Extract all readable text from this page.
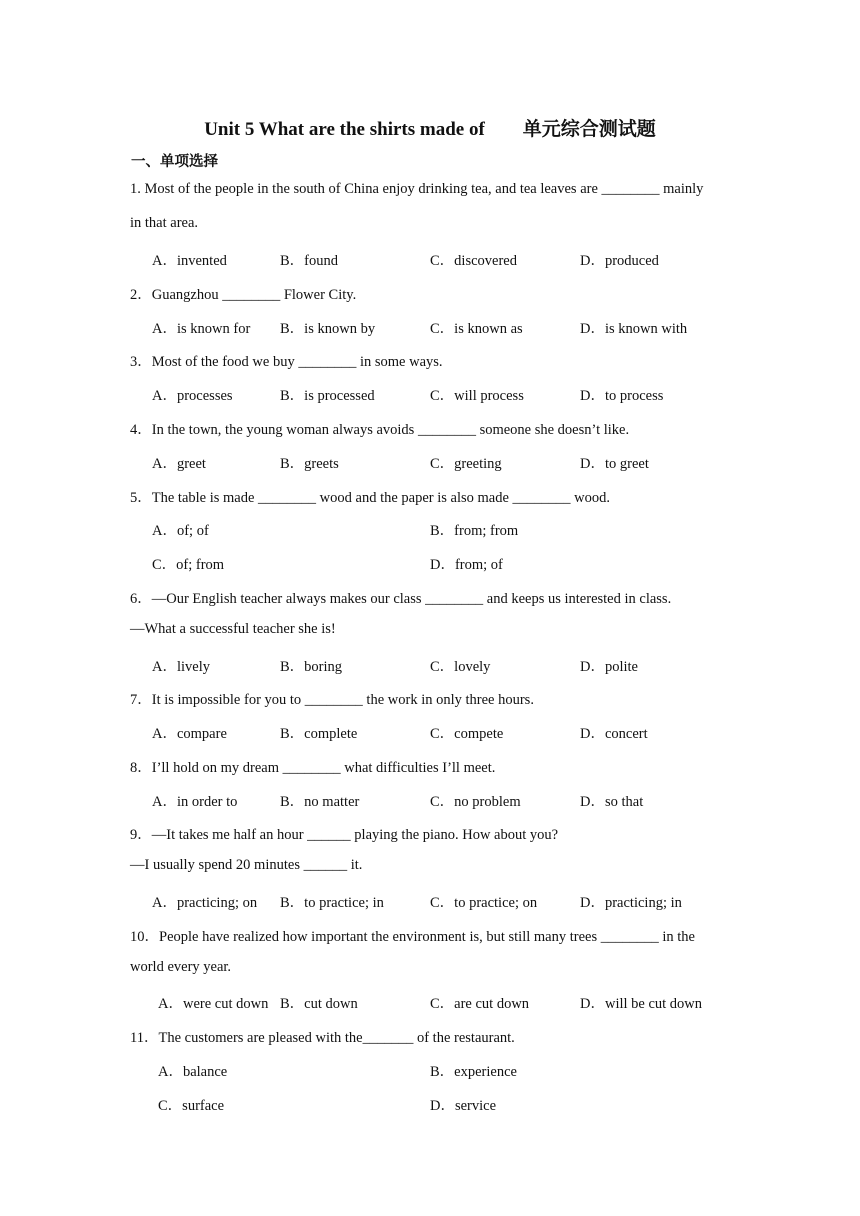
Unit 5 What are the shirts made of　　单元综合测试题
一、单项选择
1. Most of the people in the south of China enjoy drinking tea, and tea leaves are ________ mainly
in that area.
A．invented	B．found	C．discovered	D．produced
2．Guangzhou ________ Flower City.
A．is known for B．is known by	C．is known as	D．is known with
3．Most of the food we buy ________ in some ways.
A．processes	B．is processed	C．will process	D．to process
4．In the town, the young woman always avoids ________ someone she doesn’t like.
A．greet	B．greets	C．greeting	D．to greet
5．The table is made ________ wood and the paper is also made ________ wood.
A．of; of	B．from; from
C．of; from	D．from; of
6．—Our English teacher always makes our class ________ and keeps us interested in class.
—What a successful teacher she is!
A．lively	B．boring	C．lovely	D．polite
7．It is impossible for you to ________ the work in only three hours.
A．compare	B．complete	C．compete	D．concert
8．I’ll hold on my dream ________ what difficulties I’ll meet.
A．in order to	B．no matter	C．no problem	D．so that
9．—It takes me half an hour ______ playing the piano. How about you?
—I usually spend 20 minutes ______ it.
A．practicing; on B．to practice; in	C．to practice; on	D．practicing; in
10．People have realized how important the environment is, but still many trees ________ in the
world every year.
A．were cut down B．cut down	C．are cut down	D．will be cut down
11．The customers are pleased with the_______ of the restaurant.
A．balance	B．experience
C．surface	D．service
